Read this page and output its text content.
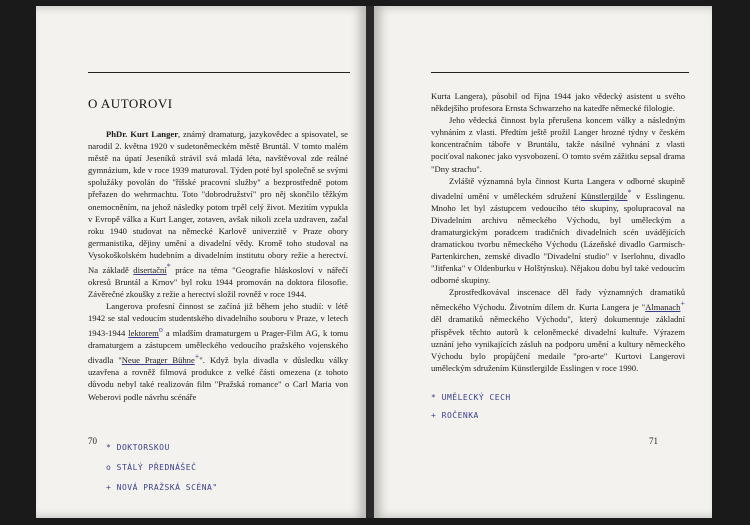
O AUTOROVI

PhDr. Kurt Langer, známý dramaturg, jazykovědec a spisovatel, se narodil 2. května 1920 v sudetoněmeckém městě Bruntál. V tomto malém městě na úpatí Jeseníků strávil svá mladá léta, navštěvoval zde reálné gymnázium, kde v roce 1939 maturoval. Týden poté byl společně se svými spolužáky povolán do "říšské pracovní služby" a bezprostředně potom přeřazen do wehrmachtu. Toto "dobrodružství" pro něj skončilo těžkým onemocněním, na jehož následky potom trpěl celý život. Mezitím vypukla v Evropě válka a Kurt Langer, zotaven, avšak nikoli zcela uzdraven, začal roku 1940 studovat na německé Karlově univerzitě v Praze obory germanistika, dějiny umění a divadelní vědy. Kromě toho studoval na Vysokoškolském hudebním a divadelním institutu obory režie a herectví. Na základě disertační* práce na téma "Geografie hláskosloví v nářečí okresů Bruntál a Krnov" byl roku 1944 promován na doktora filosofie. Závěrečné zkoušky z režie a herectví složil rovněž v roce 1944.

Langerova profesní činnost se začíná již během jeho studií: v létě 1942 se stal vedoucím studentského divadelního souboru v Praze, v letech 1943-1944 lektoremo a mladším dramaturgem u Prager-Film AG, k tomu dramaturgem a zástupcem uměleckého vedoucího pražského vojenského divadla "Neue Prager Bühne+". Když byla divadla v důsledku války uzavřena a rovněž filmová produkce z velké části omezena (z tohoto důvodu nebyl také realizován film "Pražská romance" o Carl Maria von Weberovi podle návrhu scénáře

70
* DOKTORSKOU
o STÁLÝ PŘEDNÁŠEČ
+ NOVÁ PRAŽSKÁ SCÉNA"

Kurta Langera), působil od října 1944 jako vědecký asistent u svého někdejšího profesora Ernsta Schwarzeho na katedře německé filologie.

Jeho vědecká činnost byla přerušena koncem války a následným vyhnáním z vlasti. Předtím ještě prožil Langer hrozné týdny v českém koncentračním táboře v Bruntálu, takže násilné vyhnání z vlasti pociťoval nakonec jako vysvobození. O tomto svém zážitku sepsal drama "Dny strachu".

Zvláště významná byla činnost Kurta Langera v odborné skupině divadelní umění v uměleckém sdružení Künstlergilde* v Esslingenu. Mnoho let byl zástupcem vedoucího této skupiny, spolupracoval na Divadelním archivu německého Východu, byl uměleckým a dramaturgickým poradcem tradičních divadelních scén uvádějících dramatickou tvorbu německého Východu (Lázeňské divadlo Garmisch-Partenkirchen, zemské divadlo "Divadelní studio" v Iserlohnu, divadlo "Jitřenka" v Oldenburku v Holštýnsku). Nějakou dobu byl také vedoucím odborné skupiny.

Zprostředkovával inscenace děl řady významných dramatiků německého Východu. Životním dílem dr. Kurta Langera je "Almanach+ děl dramatiků německého Východu", který dokumentuje základní příspěvek těchto autorů k celoněmecké divadelní kultuře. Výrazem uznání jeho vynikajících zásluh na podporu umění a kultury německého Východu bylo propůjčení medaile "pro-arte" Kurtovi Langerovi uměleckým sdružením Künstlergilde Esslingen v roce 1990.

* UMĚLECKÝ CECH
+ ROČENKA
71
